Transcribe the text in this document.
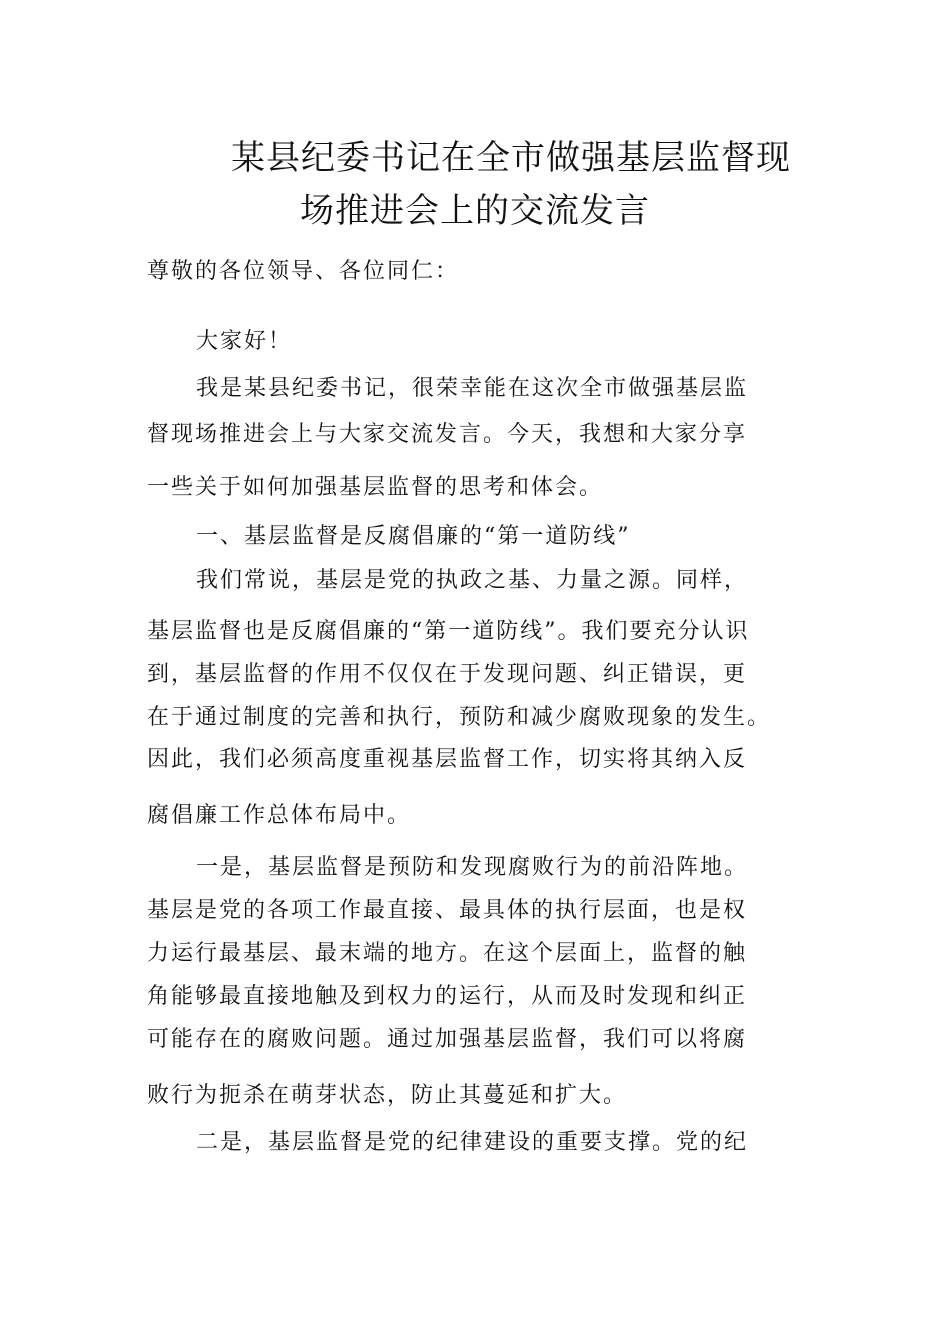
某县纪委书记在全市做强基层监督现
场推进会上的交流发言
尊敬的各位领导、各位同仁：
大家好！
我是某县纪委书记，很荣幸能在这次全市做强基层监
督现场推进会上与大家交流发言。今天，我想和大家分享
一些关于如何加强基层监督的思考和体会。
一、基层监督是反腐倡廉的“第一道防线”
我们常说，基层是党的执政之基、力量之源。同样，
基层监督也是反腐倡廉的“第一道防线”。我们要充分认识
到，基层监督的作用不仅仅在于发现问题、纠正错误，更
在于通过制度的完善和执行，预防和减少腐败现象的发生。
因此，我们必须高度重视基层监督工作，切实将其纳入反
腐倡廉工作总体布局中。
一是，基层监督是预防和发现腐败行为的前沿阵地。
基层是党的各项工作最直接、最具体的执行层面，也是权
力运行最基层、最末端的地方。在这个层面上，监督的触
角能够最直接地触及到权力的运行，从而及时发现和纠正
可能存在的腐败问题。通过加强基层监督，我们可以将腐
败行为扼杀在萌芽状态，防止其蔓延和扩大。
二是，基层监督是党的纪律建设的重要支撑。党的纪
